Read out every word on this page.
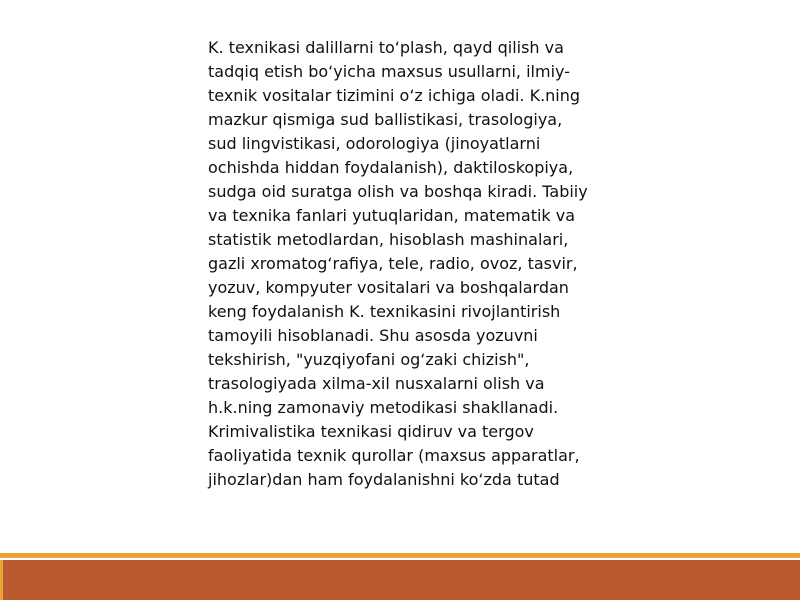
K. texnikasi dalillarni to‘plash, qayd qilish va
tadqiq etish bo‘yicha maxsus usullarni, ilmiy-
texnik vositalar tizimini o‘z ichiga oladi. K.ning
mazkur qismiga sud ballistikasi, trasologiya,
sud lingvistikasi, odorologiya (jinoyatlarni
ochishda hiddan foydalanish), daktiloskopiya,
sudga oid suratga olish va boshqa kiradi. Tabiiy
va texnika fanlari yutuqlaridan, matematik va
statistik metodlardan, hisoblash mashinalari,
gazli xromatog‘rafiya, tele, radio, ovoz, tasvir,
yozuv, kompyuter vositalari va boshqalardan
keng foydalanish K. texnikasini rivojlantirish
tamoyili hisoblanadi. Shu asosda yozuvni
tekshirish, "yuzqiyofani og‘zaki chizish",
trasologiyada xilma-xil nusxalarni olish va
h.k.ning zamonaviy metodikasi shakllanadi.
Krimivalistika texnikasi qidiruv va tergov
faoliyatida texnik qurollar (maxsus apparatlar,
jihozlar)dan ham foydalanishni ko‘zda tutad
